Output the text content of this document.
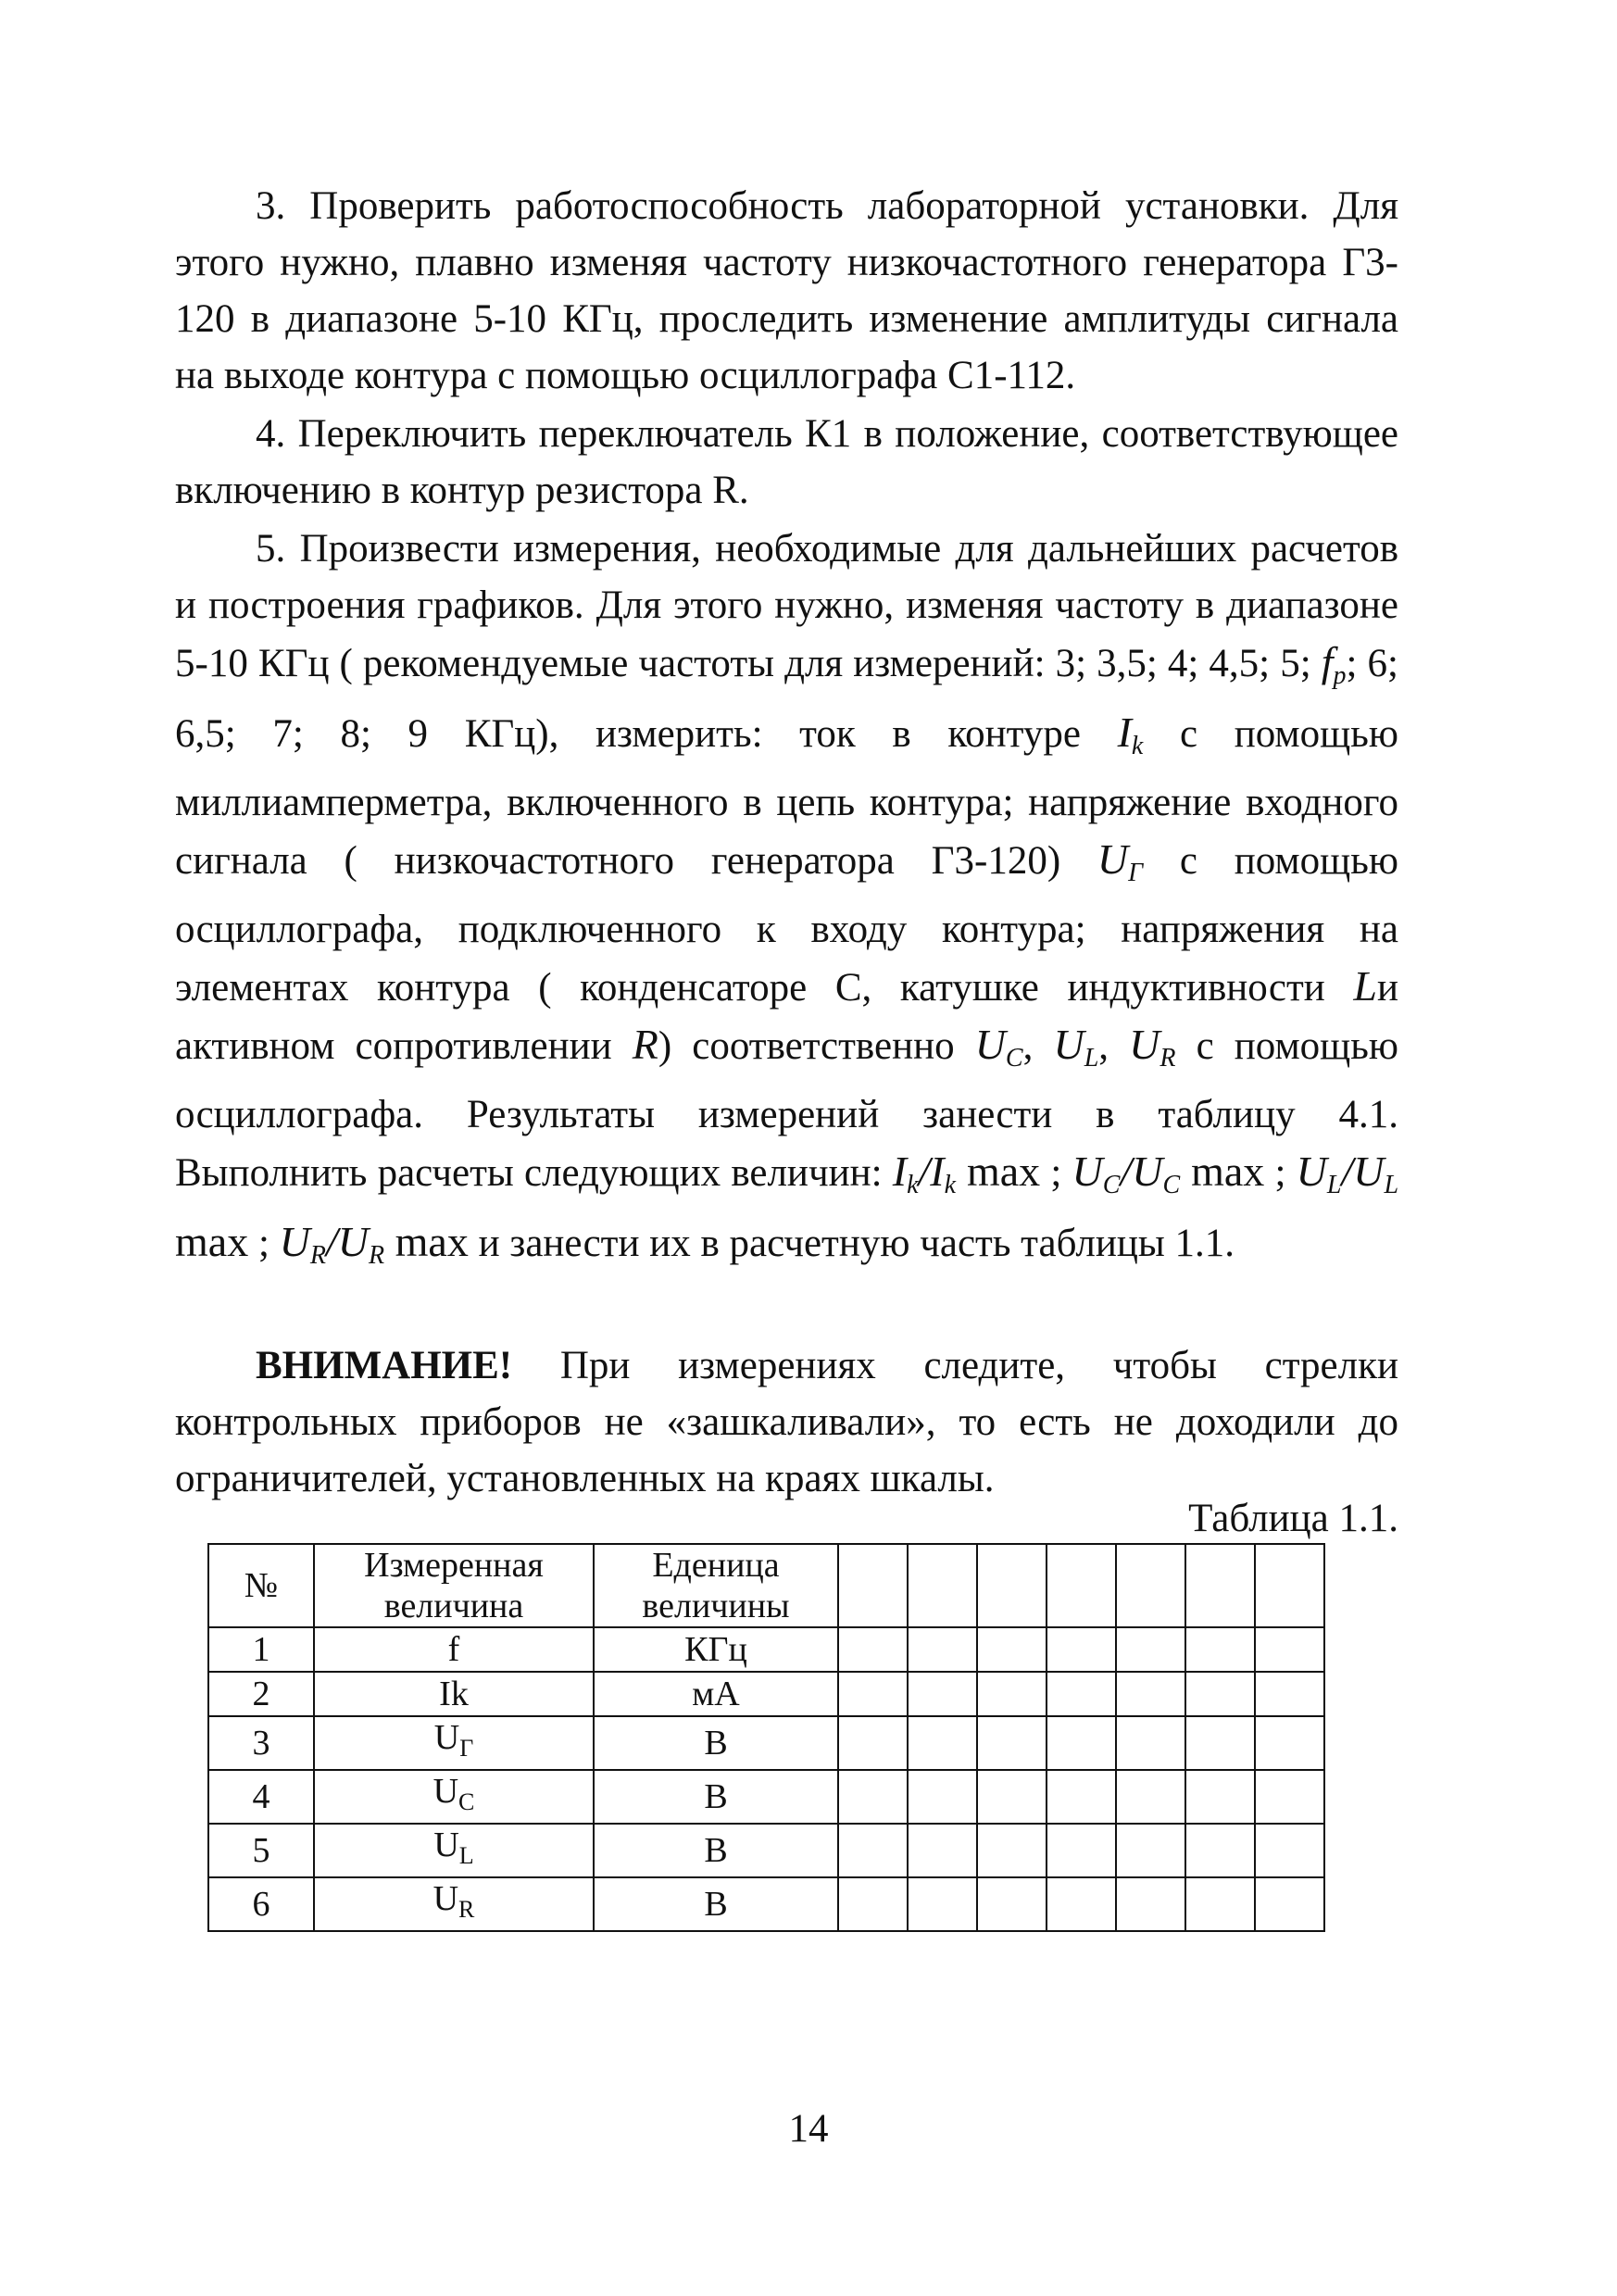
3. Проверить работоспособность лабораторной установки. Для этого нужно, плавно изменяя частоту низкочастотного генератора Г3-120 в диапазоне 5-10 КГц, проследить изменение амплитуды сигнала на выходе контура с помощью осциллографа С1-112.

4. Переключить переключатель К1 в положение, соответствующее включению в контур резистора R.

5. Произвести измерения, необходимые для дальнейших расчетов и построения графиков. Для этого нужно, изменяя частоту в диапазоне 5-10 КГц ( рекомендуемые частоты для измерений: 3; 3,5; 4; 4,5; 5; $f_p$; 6; 6,5; 7; 8; 9 КГц), измерить: ток в контуре $I_k$ с помощью миллиамперметра, включенного в цепь контура; напряжение входного сигнала ( низкочастотного генератора Г3-120) $U_Г$ с помощью осциллографа, подключенного к входу контура; напряжения на элементах контура ( конденсаторе С, катушке индуктивности Lи активном сопротивлении R) соответственно $U_C$, $U_L$, $U_R$ с помощью осциллографа. Результаты измерений занести в таблицу 4.1. Выполнить расчеты следующих величин: $I_k/I_k$ max ; $U_C/U_C$ max ; $U_L/U_L$ max ; $U_R/U_R$ max и занести их в расчетную часть таблицы 1.1.

ВНИМАНИЕ! При измерениях следите, чтобы стрелки контрольных приборов не «зашкаливали», то есть не доходили до ограничителей, установленных на краях шкалы.

Таблица 1.1.
№	Измеренная величина	Еденица величины							
1	f	КГц							
2	Ik	мА							
3	$U_Г$	В							
4	$U_C$	В							
5	$U_L$	В							
6	$U_R$	В							
14
